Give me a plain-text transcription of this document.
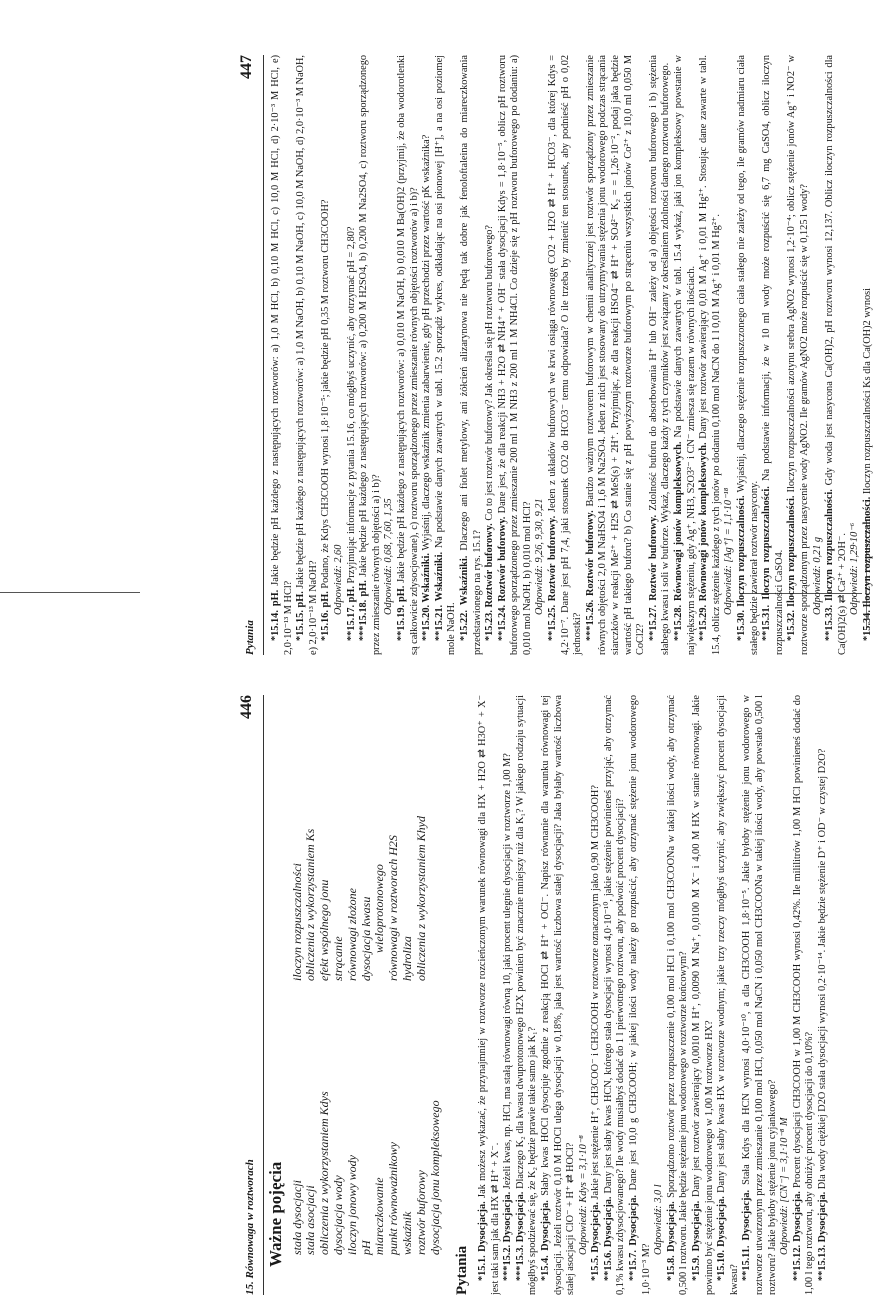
15. Równowaga w roztworach
446
Ważne pojęcia stała dysocjacji stała asocjacji obliczenia z wykorzystaniem Kdys dysocjacja wody iloczyn jonowy wody pH miareczkowanie punkt równoważnikowy wskaźnik roztwór buforowy dysocjacja jonu kompleksowego
iloczyn rozpuszczalności obliczenia z wykorzystaniem Ks efekt wspólnego jonu strącanie równowagi złożone dysocjacja kwasu wieloprotonowego równowagi w roztworach H2S hydroliza obliczenia z wykorzystaniem Khyd
Pytania *15.1. Dysocjacja. Jak możesz wykazać, że przynajmniej w roztworze rozcieńczonym warunek równowagi dla HX + H2O ⇄ H3O⁺ + X⁻ jest taki sam jak dla HX ⇄ H⁺ + X⁻. ***15.2. Dysocjacja. Jeżeli kwas, np. HCl, ma stałą równowagi równą 10, jaki procent ulegnie dysocjacji w roztworze 1,00 M?

***15.3. Dysocjacja. Dlaczego K₂ dla kwasu dwuprotonowego H2X powinien być znacznie mniejszy niż dla K₁? W jakiego rodzaju sytuacji mógłbyś spodziewać się, że K₂ będzie prawie takie samo jak K₁? *15.4. Dysocjacja. Słaby kwas HOCl dysocjuje zgodnie z reakcją HOCl ⇄ H⁺ + OCl⁻. Napisz równanie dla warunku równowagi tej dysocjacji. Jeżeli roztwór 0,10 M HOCl ulega dysocjacji w 0,18%, jaka jest wartość liczbowa stałej dysocjacji? Jaka byłaby wartość liczbowa stałej asocjacji ClO⁻ + H⁺ ⇄ HOCl? Odpowiedź: Kdys = 3,1·10⁻⁸ *15.5. Dysocjacja. Jakie jest stężenie H⁺, CH3COO⁻ i CH3COOH w roztworze oznaczonym jako 0,90 M CH3COOH?

**15.6. Dysocjacja. Dany jest słaby kwas HCN, którego stała dysocjacji wynosi 4,0·10⁻¹⁰, jakie stężenie powinieneś przyjąć, aby otrzymać 0,1% kwasu zdysocjowanego? Ile wody musiałbyś dodać do 1 l pierwotnego roztworu, aby podwoić procent dysocjacji? **15.7. Dysocjacja. Dane jest 10,0 g CH3COOH; w jakiej ilości wody należy go rozpuścić, aby otrzymać stężenie jonu wodorowego 1,0·10⁻³ M?

Odpowiedź: 3,0 l *15.8. Dysocjacja. Sporządzono roztwór przez rozpuszczenie 0,100 mol HCl i 0,100 mol CH3COONa w takiej ilości wody, aby otrzymać 0,500 l roztworu. Jakie będzie stężenie jonu wodorowego w roztworze końcowym? *15.9. Dysocjacja. Dany jest roztwór zawierający 0,0010 M H⁺, 0,0090 M Na⁺, 0,0100 M X⁻ i 4,00 M HX w stanie równowagi. Jakie powinno być stężenie jonu wodorowego w 1,00 M roztworze HX? *15.10. Dysocjacja. Dany jest słaby kwas HX w roztworze wodnym; jakie trzy rzeczy mógłbyś uczynić, aby zwiększyć procent dysocjacji kwasu? **15.11. Dysocjacja. Stała Kdys dla HCN wynosi 4,0·10⁻¹⁰, a dla CH3COOH 1,8·10⁻⁵. Jakie byłoby stężenie jonu wodorowego w roztworze utworzonym przez zmieszanie 0,100 mol HCl, 0,050 mol NaCN i 0,050 mol CH3COONa w takiej ilości wody, aby powstało 0,500 l roztworu? Jakie byłoby stężenie jonu cyjankowego? Odpowiedź: [CN⁻] = 3,1·10⁻⁸ M **15.12. Dysocjacja. Procent dysocjacji CH3COOH w 1,00 M CH3COOH wynosi 0,42%. Ile mililitrów 1,00 M HCl powinieneś dodać do 1,00 l tego roztworu, aby obniżyć procent dysocjacji do 0,10%? **15.13. Dysocjacja. Dla wody ciężkiej D2O stała dysocjacji wynosi 0,2·10⁻¹⁴. Jakie będzie stężenie D⁺ i OD⁻ w czystej D2O?

Pytania
447

*15.14. pH. Jakie będzie pH każdego z następujących roztworów: a) 1,0 M HCl, b) 0,10 M HCl, c) 10,0 M HCl, d) 2·10⁻³ M HCl, e) 2,0·10⁻¹³ M HCl? *15.15. pH. Jakie będzie pH każdego z następujących roztworów: a) 1,0 M NaOH, b) 0,10 M NaOH, c) 10,0 M NaOH, d) 2,0·10⁻³ M NaOH, e) 2,0·10⁻¹³ M NaOH? *15.16. pH. Podano, że Kdys CH3COOH wynosi 1,8·10⁻⁵; jakie będzie pH 0,35 M roztworu CH3COOH? Odpowiedź: 2,60 **15.17. pH. Przyjmując informacje z pytania 15.16, co mógłbyś uczynić, aby otrzymać pH = 2,80?

***15.18. pH. Jakie będzie pH każdego z następujących roztworów: a) 0,200 M H2SO4, b) 0,200 M Na2SO4, c) roztworu sporządzonego przez zmieszanie równych objętości a) i b)? Odpowiedź: 0,68, 7,60, 1,35 **15.19. pH. Jakie będzie pH każdego z następujących roztworów: a) 0,010 M NaOH, b) 0,010 M Ba(OH)2 (przyjmij, że oba wodorotlenki są całkowicie zdysocjowane), c) roztworu sporządzonego przez zmieszanie równych objętości roztworów a) i b)? **15.20. Wskaźniki. Wyjaśnij, dlaczego wskaźnik zmienia zabarwienie, gdy pH przechodzi przez wartość pK wskaźnika?

**15.21. Wskaźniki. Na podstawie danych zawartych w tabl. 15.2 sporządź wykres, odkładając na osi pionowej [H⁺], a na osi poziomej mole NaOH. *15.22. Wskaźniki. Dlaczego ani fiolet metylowy, ani żółcień alizarynowa nie będą tak dobre jak fenoloftaleina do miareczkowania przedstawionego na rys. 15.1? *15.23. Roztwór buforowy. Co to jest roztwór buforowy? Jak określa się pH roztworu buforowego?

**15.24. Roztwór buforowy. Dane jest, że dla reakcji NH3 + H2O ⇄ NH4⁺ + OH⁻ stała dysocjacji Kdys = 1,8·10⁻⁵, oblicz pH roztworu buforowego sporządzonego przez zmieszanie 200 ml 1 M NH3 z 200 ml 1 M NH4Cl. Co dzieje się z pH roztworu buforowego po dodaniu: a) 0,010 mol NaOH, b) 0,010 mol HCl? Odpowiedź: 9,26, 9,30, 9,21 **15.25. Roztwór buforowy. Jeden z układów buforowych we krwi osiąga równowagę CO2 + H2O ⇄ H⁺ + HCO3⁻, dla której Kdys = 4,2·10⁻⁷. Dane jest pH 7,4, jaki stosunek CO2 do HCO3⁻ temu odpowiada? O ile trzeba by zmienić ten stosunek, aby podnieść pH o 0,02 jednostki? ***15.26. Roztwór buforowy. Bardzo ważnym roztworem buforowym w chemii analitycznej jest roztwór sporządzony przez zmieszanie równych objętości 2,0 M NaHSO4 i 1,6 M Na2SO4. Jeden z nich jest stosowany do utrzymywania stężenia jonu wodorowego podczas strącania siarczków w reakcji Me²⁺ + H2S ⇄ MeS(s) + 2H⁺. Przyjmując, że dla reakcji HSO4⁻ ⇄ H⁺ + SO4²⁻ K₂ = = 1,26·10⁻², podaj jaka będzie wartość pH takiego buforu? b) Co stanie się z pH powyższym roztworze buforowym po strąceniu wszystkich jonów Co²⁺ z 10,0 ml 0,050 M CoCl2? **15.27. Roztwór buforowy. Zdolność buforu do absorbowania H⁺ lub OH⁻ zależy od a) objętości roztworu buforowego i b) stężenia słabego kwasu i soli w buforze. Wykaż, dlaczego każdy z tych czynników jest związany z określaniem zdolności danego roztworu buforowego. **15.28. Równowagi jonów kompleksowych. Na podstawie danych zawartych w tabl. 15.4 wykaż, jaki jon kompleksowy powstanie w największym stężeniu, gdy Ag⁺, NH3, S2O3²⁻ i CN⁻ zmiesza się razem w równych ilościach. **15.29. Równowagi jonów kompleksowych. Dany jest roztwór zawierający 0,01 M Ag⁺ i 0,01 M Hg²⁺. Stosując dane zawarte w tabl. 15.4, oblicz stężenie każdego z tych jonów po dodaniu 0,100 mol NaCN do 1 l 0,01 M Ag⁺ i 0,01 M Hg²⁺. Odpowiedź: [Ag⁺] = 1,1·10⁻¹⁸ *15.30. Iloczyn rozpuszczalności. Wyjaśnij, dlaczego stężenie rozpuszczonego ciała stałego nie zależy od tego, ile gramów nadmiaru ciała stałego będzie zawierał roztwór nasycony. **15.31. Iloczyn rozpuszczalności. Na podstawie informacji, że w 10 ml wody może rozpuścić się 6,7 mg CaSO4, oblicz iloczyn rozpuszczalności CaSO4. *15.32. Iloczyn rozpuszczalności. Iloczyn rozpuszczalności azotynu srebra AgNO2 wynosi 1,2·10⁻⁴; oblicz stężenie jonów Ag⁺ i NO2⁻ w roztworze sporządzonym przez nasycenie wody AgNO2. Ile gramów AgNO2 może rozpuścić się w 0,125 l wody? Odpowiedź: 0,21 g **15.33. Iloczyn rozpuszczalności. Gdy woda jest nasycona Ca(OH)2, pH roztworu wynosi 12,137. Oblicz iloczyn rozpuszczalności dla Ca(OH)2(s) ⇄ Ca²⁺ + 2OH⁻. Odpowiedź: 1,29·10⁻⁶ *15.34. Iloczyn rozpuszczalności. Iloczyn rozpuszczalności Ks dla Ca(OH)2 wynosi
